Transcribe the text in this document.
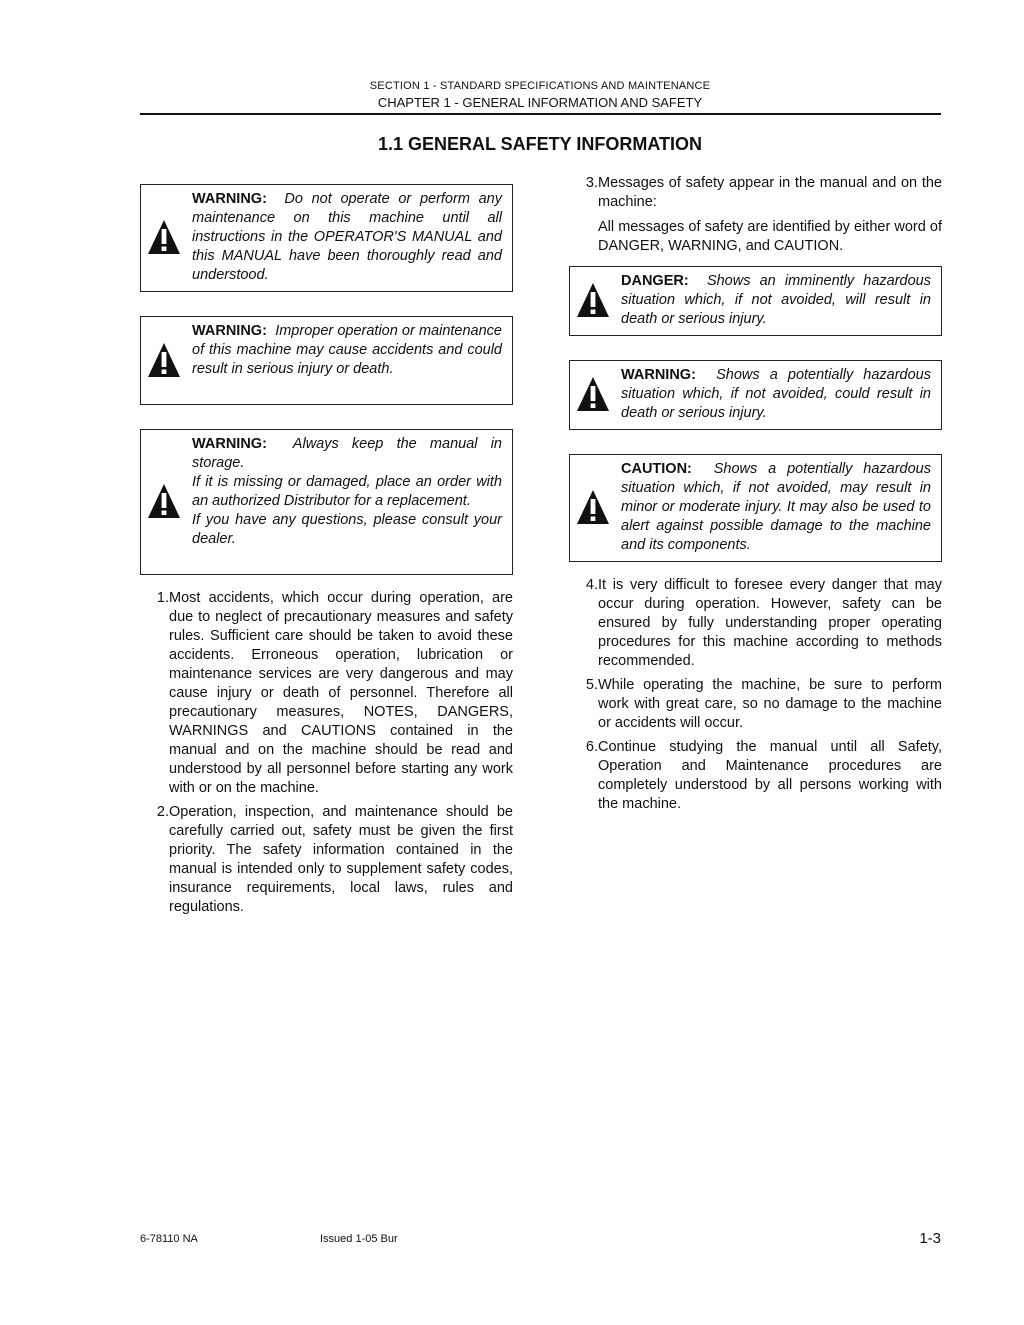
SECTION 1 - STANDARD SPECIFICATIONS AND MAINTENANCE
CHAPTER 1 - GENERAL INFORMATION AND SAFETY
1.1 GENERAL SAFETY INFORMATION
WARNING: Do not operate or perform any maintenance on this machine until all instructions in the OPERATOR'S MANUAL and this MANUAL have been thoroughly read and understood.
WARNING: Improper operation or maintenance of this machine may cause accidents and could result in serious injury or death.
WARNING: Always keep the manual in storage.
If it is missing or damaged, place an order with an authorized Distributor for a replacement.
If you have any questions, please consult your dealer.
1. Most accidents, which occur during operation, are due to neglect of precautionary measures and safety rules. Sufficient care should be taken to avoid these accidents. Erroneous operation, lubrication or maintenance services are very dangerous and may cause injury or death of personnel. Therefore all precautionary measures, NOTES, DANGERS, WARNINGS and CAUTIONS contained in the manual and on the machine should be read and understood by all personnel before starting any work with or on the machine.

2. Operation, inspection, and maintenance should be carefully carried out, safety must be given the first priority. The safety information contained in the manual is intended only to supplement safety codes, insurance requirements, local laws, rules and regulations.

3. Messages of safety appear in the manual and on the machine:

All messages of safety are identified by either word of DANGER, WARNING, and CAUTION.

DANGER: Shows an imminently hazardous situation which, if not avoided, will result in death or serious injury.
WARNING: Shows a potentially hazardous situation which, if not avoided, could result in death or serious injury.
CAUTION: Shows a potentially hazardous situation which, if not avoided, may result in minor or moderate injury. It may also be used to alert against possible damage to the machine and its components.
4. It is very difficult to foresee every danger that may occur during operation. However, safety can be ensured by fully understanding proper operating procedures for this machine according to methods recommended.

5. While operating the machine, be sure to perform work with great care, so no damage to the machine or accidents will occur.

6. Continue studying the manual until all Safety, Operation and Maintenance procedures are completely understood by all persons working with the machine.

6-78110 NA	Issued 1-05 Bur	1-3
